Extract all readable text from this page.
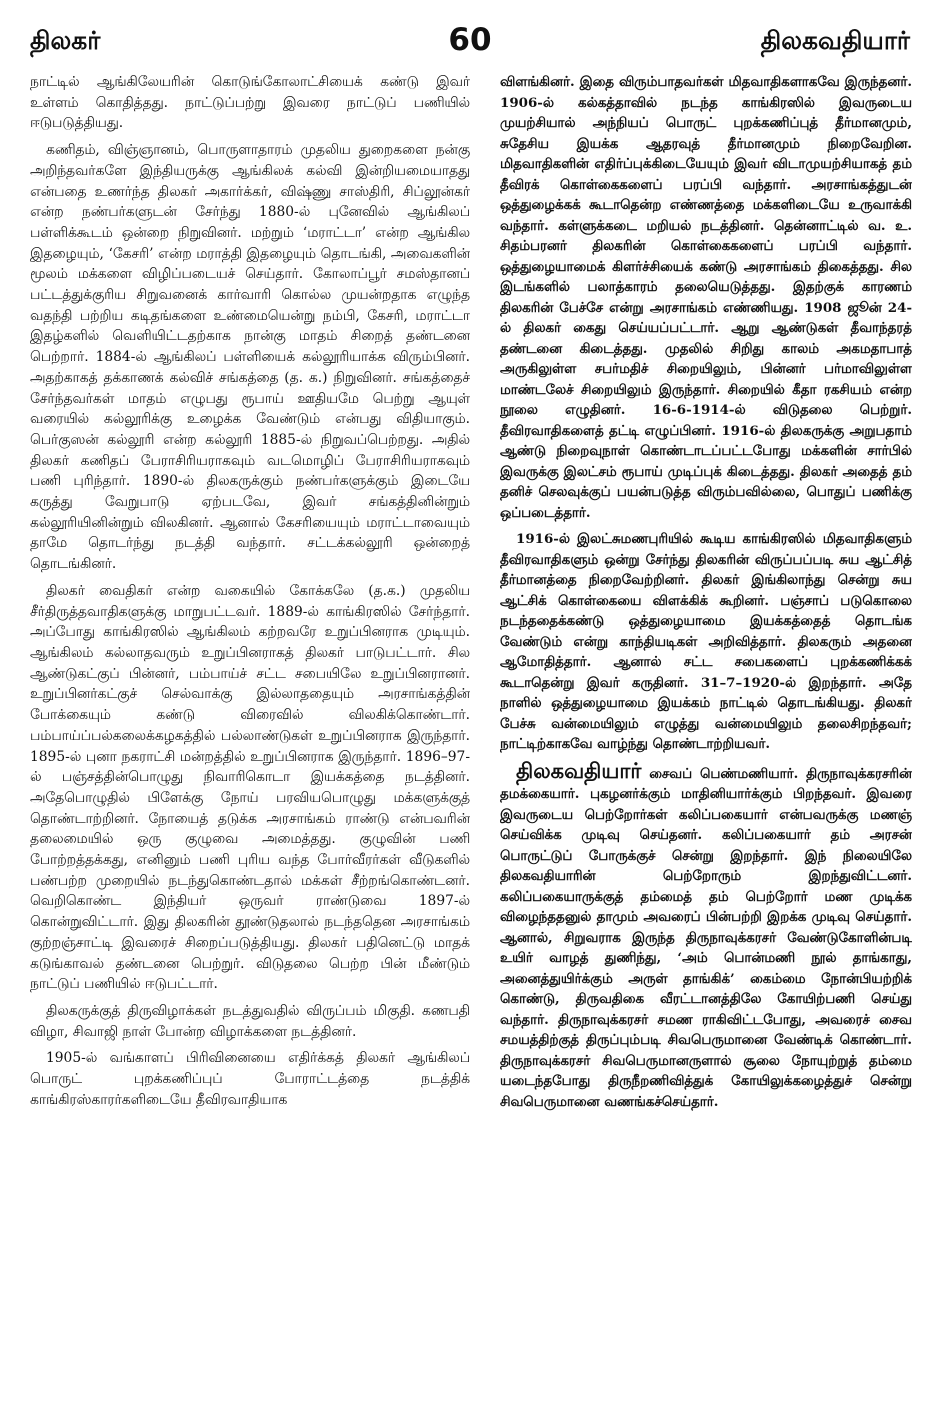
திலகர்	60	திலகவதியார்

நாட்டில் ஆங்கிலேயரின் கொடுங்கோலாட்சியைக் கண்டு இவர் உள்ளம் கொதித்தது. நாட்டுப்பற்று இவரை நாட்டுப் பணியில் ஈடுபடுத்தியது.

கணிதம், விஞ்ஞானம், பொருளாதாரம் முதலிய துறைகளை நன்கு அறிந்தவர்களே இந்தியருக்கு ஆங்கிலக் கல்வி இன்றியமையாதது என்பதை உணர்ந்த திலகர் அகார்க்கர், விஷ்ணு சாஸ்திரி, சிப்லூன்கர் என்ற நண்பர்களுடன் சேர்ந்து 1880-ல் புனேவில் ஆங்கிலப் பள்ளிக்கூடம் ஒன்றை நிறுவினர். மற்றும் ‘மராட்டா’ என்ற ஆங்கில இதழையும், ‘கேசரி’ என்ற மராத்தி இதழையும் தொடங்கி, அவைகளின் மூலம் மக்களை விழிப்படையச் செய்தார். கோலாப்பூர் சமஸ்தானப் பட்டத்துக்குரிய சிறுவனைக் கார்வாரி கொல்ல முயன்றதாக எழுந்த வதந்தி பற்றிய கடிதங்களை உண்மையென்று நம்பி, கேசரி, மராட்டா இதழ்களில் வெளியிட்டதற்காக நான்கு மாதம் சிறைத் தண்டனை பெற்றார். 1884-ல் ஆங்கிலப் பள்ளியைக் கல்லூரியாக்க விரும்பினர். அதற்காகத் தக்காணக் கல்விச் சங்கத்தை (த. க.) நிறுவினர். சங்கத்தைச் சேர்ந்தவர்கள் மாதம் எழுபது ரூபாய் ஊதியமே பெற்று ஆயுள் வரையில் கல்லூரிக்கு உழைக்க வேண்டும் என்பது விதியாகும். பெர்குஸன் கல்லூரி என்ற கல்லூரி 1885-ல் நிறுவப்பெற்றது. அதில் திலகர் கணிதப் பேராசிரியராகவும் வடமொழிப் பேராசிரியராகவும் பணி புரிந்தார். 1890-ல் திலகருக்கும் நண்பர்களுக்கும் இடையே கருத்து வேறுபாடு ஏற்படவே, இவர் சங்கத்தினின்றும் கல்லூரியினின்றும் விலகினர். ஆனால் கேசரியையும் மராட்டாவையும் தாமே தொடர்ந்து நடத்தி வந்தார். சட்டக்கல்லூரி ஒன்றைத் தொடங்கினர்.

திலகர் வைதிகர் என்ற வகையில் கோக்கலே (த.க.) முதலிய சீர்திருத்தவாதிகளுக்கு மாறுபட்டவர். 1889-ல் காங்கிரஸில் சேர்ந்தார். அப்போது காங்கிரஸில் ஆங்கிலம் கற்றவரே உறுப்பினராக முடியும். ஆங்கிலம் கல்லாதவரும் உறுப்பினராகத் திலகர் பாடுபட்டார். சில ஆண்டுகட்குப் பின்னர், பம்பாய்ச் சட்ட சபையிலே உறுப்பினரானர். உறுப்பினர்கட்குச் செல்வாக்கு இல்லாததையும் அரசாங்கத்தின் போக்கையும் கண்டு விரைவில் விலகிக்கொண்டார். பம்பாய்ப்பல்கலைக்கழகத்தில் பல்லாண்டுகள் உறுப்பினராக இருந்தார். 1895-ல் புனா நகராட்சி மன்றத்தில் உறுப்பினராக இருந்தார். 1896–97-ல் பஞ்சத்தின்பொழுது நிவாரிகொடா இயக்கத்தை நடத்தினர். அதேபொழுதில் பிளேக்கு நோய் பரவியபொழுது மக்களுக்குத் தொண்டாற்றினர். நோயைத் தடுக்க அரசாங்கம் ராண்டு என்பவரின் தலைமையில் ஒரு குழுவை அமைத்தது. குழுவின் பணி போற்றத்தக்கது, எனினும் பணி புரிய வந்த போர்வீரர்கள் வீடுகளில் பண்பற்ற முறையில் நடந்துகொண்டதால் மக்கள் சீற்றங்கொண்டனர். வெறிகொண்ட இந்தியர் ஒருவர் ராண்டுவை 1897-ல் கொன்றுவிட்டார். இது திலகரின் தூண்டுதலால் நடந்ததென அரசாங்கம் குற்றஞ்சாட்டி இவரைச் சிறைப்படுத்தியது. திலகர் பதினெட்டு மாதக் கடுங்காவல் தண்டனை பெற்றுர். விடுதலை பெற்ற பின் மீண்டும் நாட்டுப் பணியில் ஈடுபட்டார்.

திலகருக்குத் திருவிழாக்கள் நடத்துவதில் விருப்பம் மிகுதி. கணபதி விழா, சிவாஜி நாள் போன்ற விழாக்களை நடத்தினர்.

1905-ல் வங்காளப் பிரிவினையை எதிர்க்கத் திலகர் ஆங்கிலப் பொருட் புறக்கணிப்புப் போராட்டத்தை நடத்திக் காங்கிரஸ்காரர்களிடையே தீவிரவாதியாக

விளங்கினர். இதை விரும்பாதவர்கள் மிதவாதிகளாகவே இருந்தனர். 1906-ல் கல்கத்தாவில் நடந்த காங்கிரஸில் இவருடைய முயற்சியால் அந்நியப் பொருட் புறக்கணிப்புத் தீர்மானமும், சுதேசிய இயக்க ஆதரவுத் தீர்மானமும் நிறைவேறின. மிதவாதிகளின் எதிர்ப்புக்கிடையேயும் இவர் விடாமுயற்சியாகத் தம் தீவிரக் கொள்கைகளைப் பரப்பி வந்தார். அரசாங்கத்துடன் ஒத்துழைக்கக் கூடாதென்ற எண்ணத்தை மக்களிடையே உருவாக்கி வந்தார். கள்ளுக்கடை மறியல் நடத்தினர். தென்னாட்டில் வ. உ. சிதம்பரனர் திலகரின் கொள்கைகளைப் பரப்பி வந்தார். ஒத்துழையாமைக் கிளர்ச்சியைக் கண்டு அரசாங்கம் திகைத்தது. சில இடங்களில் பலாத்காரம் தலையெடுத்தது. இதற்குக் காரணம் திலகரின் பேச்சே என்று அரசாங்கம் எண்ணியது. 1908 ஜூன் 24-ல் திலகர் கைது செய்யப்பட்டார். ஆறு ஆண்டுகள் தீவாந்தரத் தண்டனை கிடைத்தது. முதலில் சிறிது காலம் அகமதாபாத் அருகிலுள்ள சபர்மதிச் சிறையிலும், பின்னர் பர்மாவிலுள்ள மாண்டலேச் சிறையிலும் இருந்தார். சிறையில் கீதா ரகசியம் என்ற நூலை எழுதினர். 16-6-1914-ல் விடுதலை பெற்றுர். தீவிரவாதிகளைத் தட்டி எழுப்பினர். 1916-ல் திலகருக்கு அறுபதாம் ஆண்டு நிறைவுநாள் கொண்டாடப்பட்டபோது மக்களின் சார்பில் இவருக்கு இலட்சம் ரூபாய் முடிப்புக் கிடைத்தது. திலகர் அதைத் தம் தனிச் செலவுக்குப் பயன்படுத்த விரும்பவில்லை, பொதுப் பணிக்கு ஒப்படைத்தார்.

1916-ல் இலட்சுமணபுரியில் கூடிய காங்கிரஸில் மிதவாதிகளும் தீவிரவாதிகளும் ஒன்று சேர்ந்து திலகரின் விருப்பப்படி சுய ஆட்சித் தீர்மானத்தை நிறைவேற்றினர். திலகர் இங்கிலாந்து சென்று சுய ஆட்சிக் கொள்கையை விளக்கிக் கூறினர். பஞ்சாப் படுகொலை நடந்ததைக்கண்டு ஒத்துழையாமை இயக்கத்தைத் தொடங்க வேண்டும் என்று காந்தியடிகள் அறிவித்தார். திலகரும் அதனை ஆமோதித்தார். ஆனால் சட்ட சபைகளைப் புறக்கணிக்கக் கூடாதென்று இவர் கருதினர். 31–7–1920-ல் இறந்தார். அதே நாளில் ஒத்துழையாமை இயக்கம் நாட்டில் தொடங்கியது. திலகர் பேச்சு வன்மையிலும் எழுத்து வன்மையிலும் தலைசிறந்தவர்; நாட்டிற்காகவே வாழ்ந்து தொண்டாற்றியவர்.

திலகவதியார் சைவப் பெண்மணியார். திருநாவுக்கரசரின் தமக்கையார். புகழனர்க்கும் மாதினியார்க்கும் பிறந்தவர். இவரை இவருடைய பெற்றோர்கள் கலிப்பகையார் என்பவருக்கு மணஞ் செய்விக்க முடிவு செய்தனர். கலிப்பகையார் தம் அரசன் பொருட்டுப் போருக்குச் சென்று இறந்தார். இந் நிலையிலே திலகவதியாரின் பெற்றோரும் இறந்துவிட்டனர். கலிப்பகையாருக்குத் தம்மைத் தம் பெற்றோர் மண முடிக்க விழைந்ததனுல் தாமும் அவரைப் பின்பற்றி இறக்க முடிவு செய்தார். ஆனால், சிறுவராக இருந்த திருநாவுக்கரசர் வேண்டுகோளின்படி உயிர் வாழத் துணிந்து, ‘அம் பொன்மணி நூல் தாங்காது, அனைத்துயிர்க்கும் அருள் தாங்கிக்’ கைம்மை நோன்பியற்றிக் கொண்டு, திருவதிகை வீரட்டானத்திலே கோயிற்பணி செய்து வந்தார். திருநாவுக்கரசர் சமண ராகிவிட்டபோது, அவரைச் சைவ சமயத்திற்குத் திருப்பும்படி சிவபெருமானை வேண்டிக் கொண்டார். திருநாவுக்கரசர் சிவபெருமானருளால் சூலை நோயுற்றுத் தம்மை யடைந்தபோது திருநீறணிவித்துக் கோயிலுக்கழைத்துச் சென்று சிவபெருமானை வணங்கச்செய்தார்.
